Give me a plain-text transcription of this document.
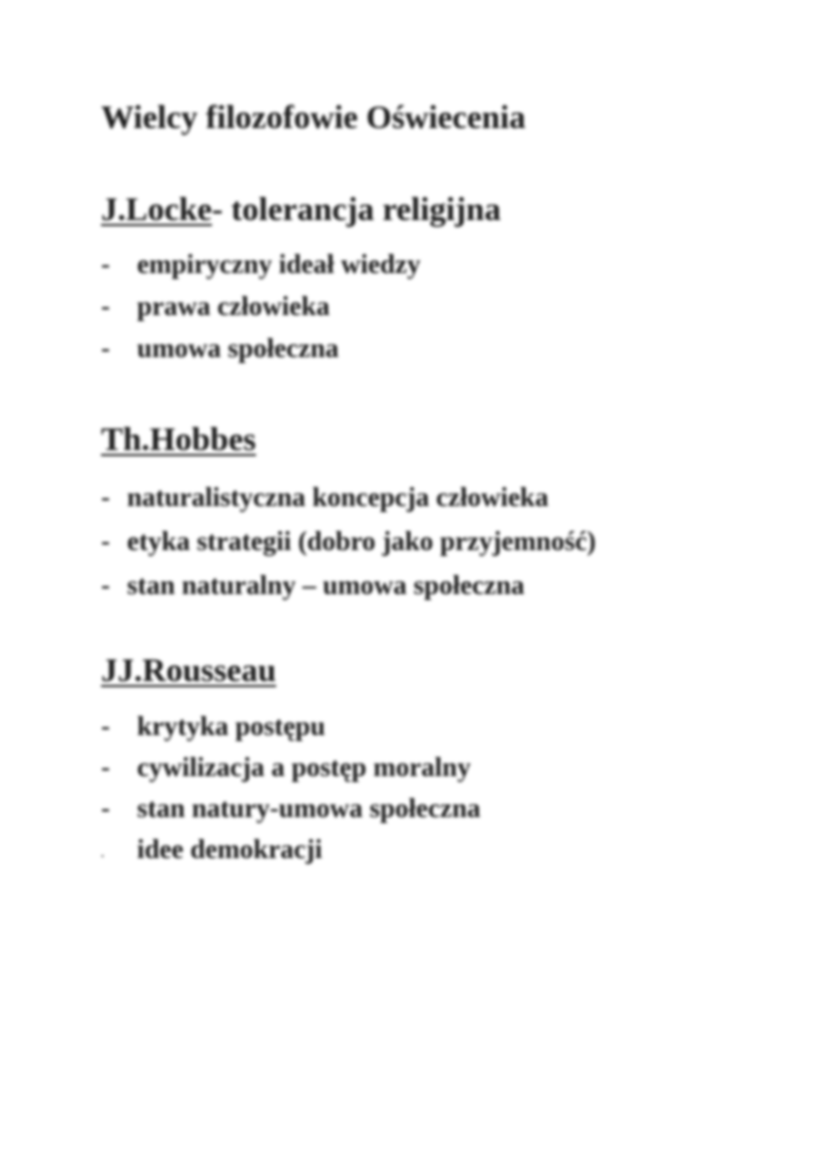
Wielcy filozofowie Oświecenia
J.Locke- tolerancja religijna
- empiryczny ideał wiedzy
- prawa człowieka
- umowa społeczna
Th.Hobbes
- naturalistyczna koncepcja człowieka
- etyka strategii (dobro jako przyjemność)
- stan naturalny – umowa społeczna
JJ.Rousseau
- krytyka postępu
- cywilizacja a postęp moralny
- stan natury-umowa społeczna
. idee demokracji
